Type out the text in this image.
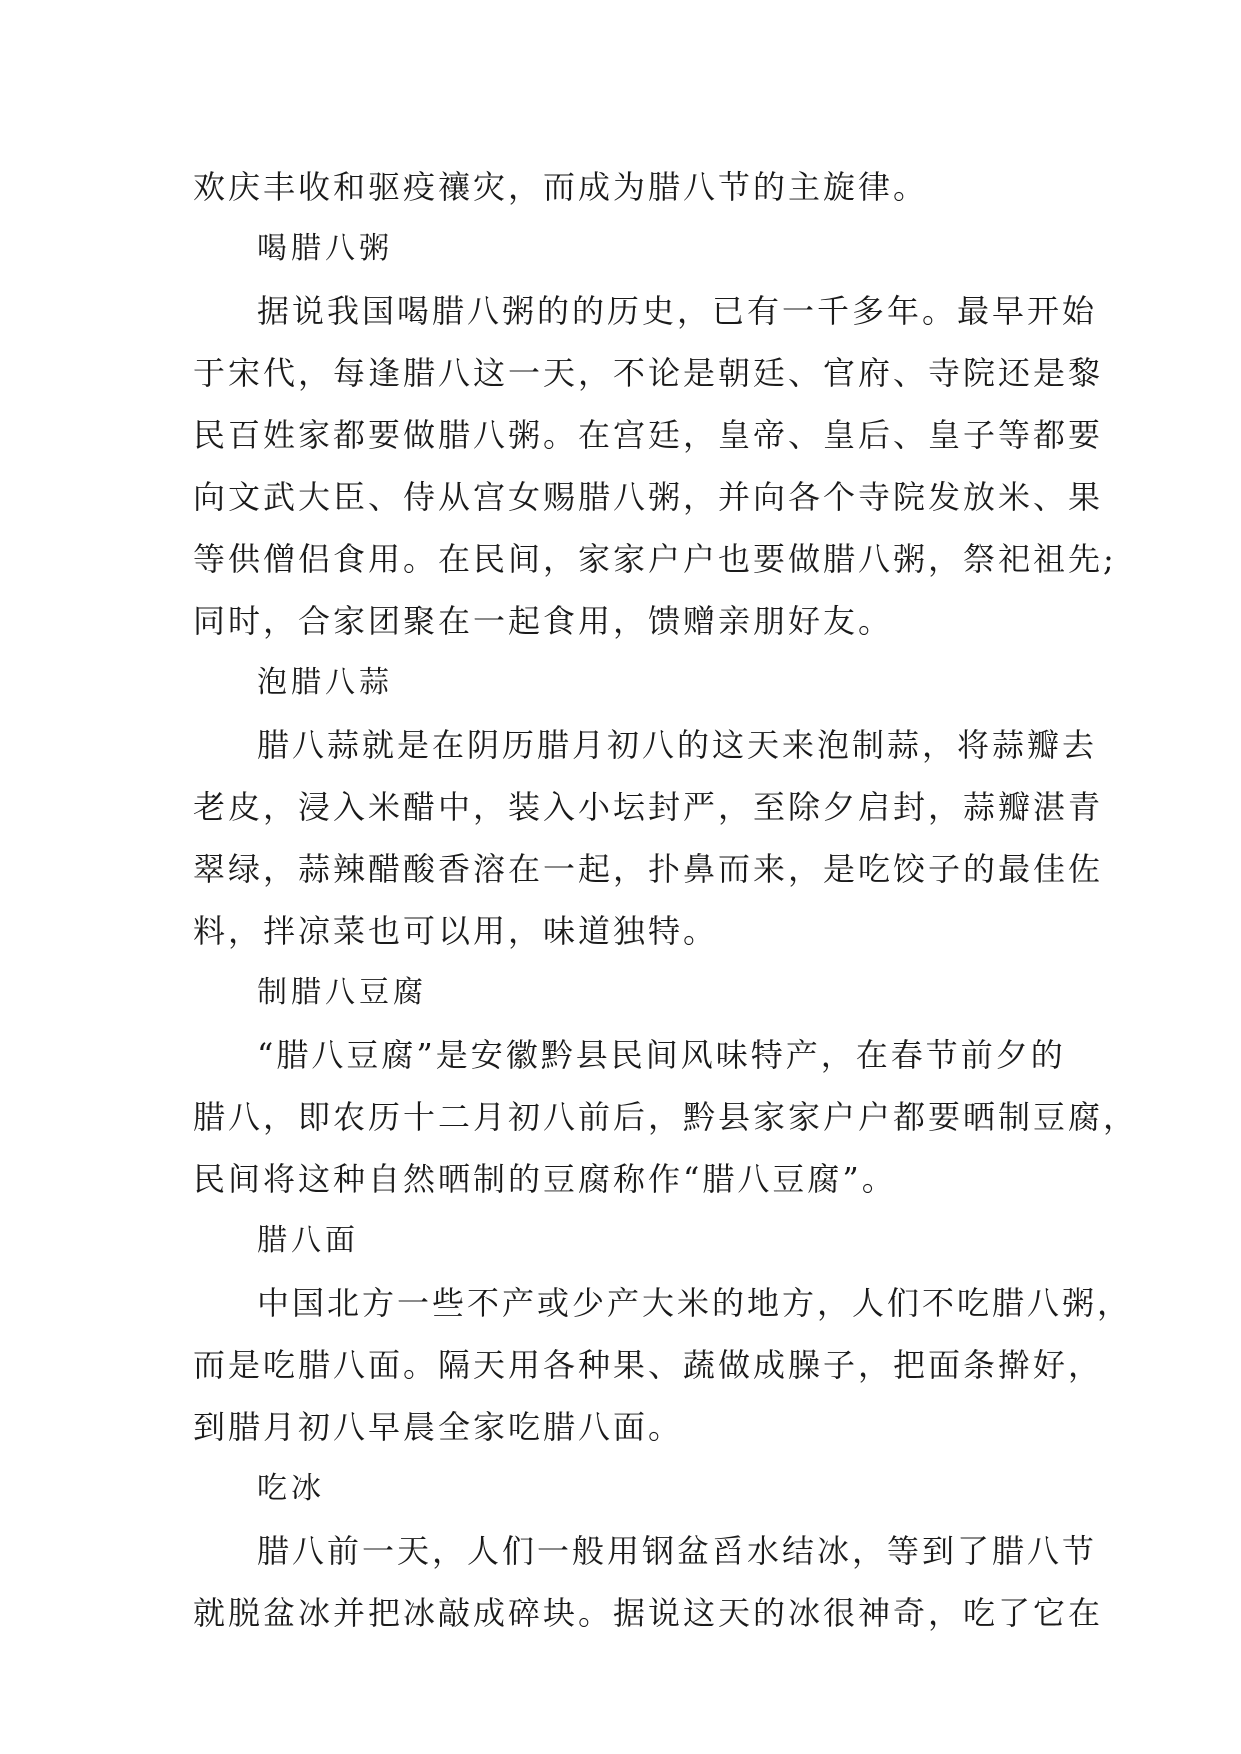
欢庆丰收和驱疫禳灾，而成为腊八节的主旋律。
喝腊八粥
据说我国喝腊八粥的的历史，已有一千多年。最早开始
于宋代，每逢腊八这一天，不论是朝廷、官府、寺院还是黎
民百姓家都要做腊八粥。在宫廷，皇帝、皇后、皇子等都要
向文武大臣、侍从宫女赐腊八粥，并向各个寺院发放米、果
等供僧侣食用。在民间，家家户户也要做腊八粥，祭祀祖先;
同时，合家团聚在一起食用，馈赠亲朋好友。
泡腊八蒜
腊八蒜就是在阴历腊月初八的这天来泡制蒜，将蒜瓣去
老皮，浸入米醋中，装入小坛封严，至除夕启封，蒜瓣湛青
翠绿，蒜辣醋酸香溶在一起，扑鼻而来，是吃饺子的最佳佐
料，拌凉菜也可以用，味道独特。
制腊八豆腐
“腊八豆腐”是安徽黔县民间风味特产，在春节前夕的
腊八，即农历十二月初八前后，黔县家家户户都要晒制豆腐，
民间将这种自然晒制的豆腐称作“腊八豆腐”。
腊八面
中国北方一些不产或少产大米的地方，人们不吃腊八粥，
而是吃腊八面。隔天用各种果、蔬做成臊子，把面条擀好，
到腊月初八早晨全家吃腊八面。
吃冰
腊八前一天，人们一般用钢盆舀水结冰，等到了腊八节
就脱盆冰并把冰敲成碎块。据说这天的冰很神奇，吃了它在
